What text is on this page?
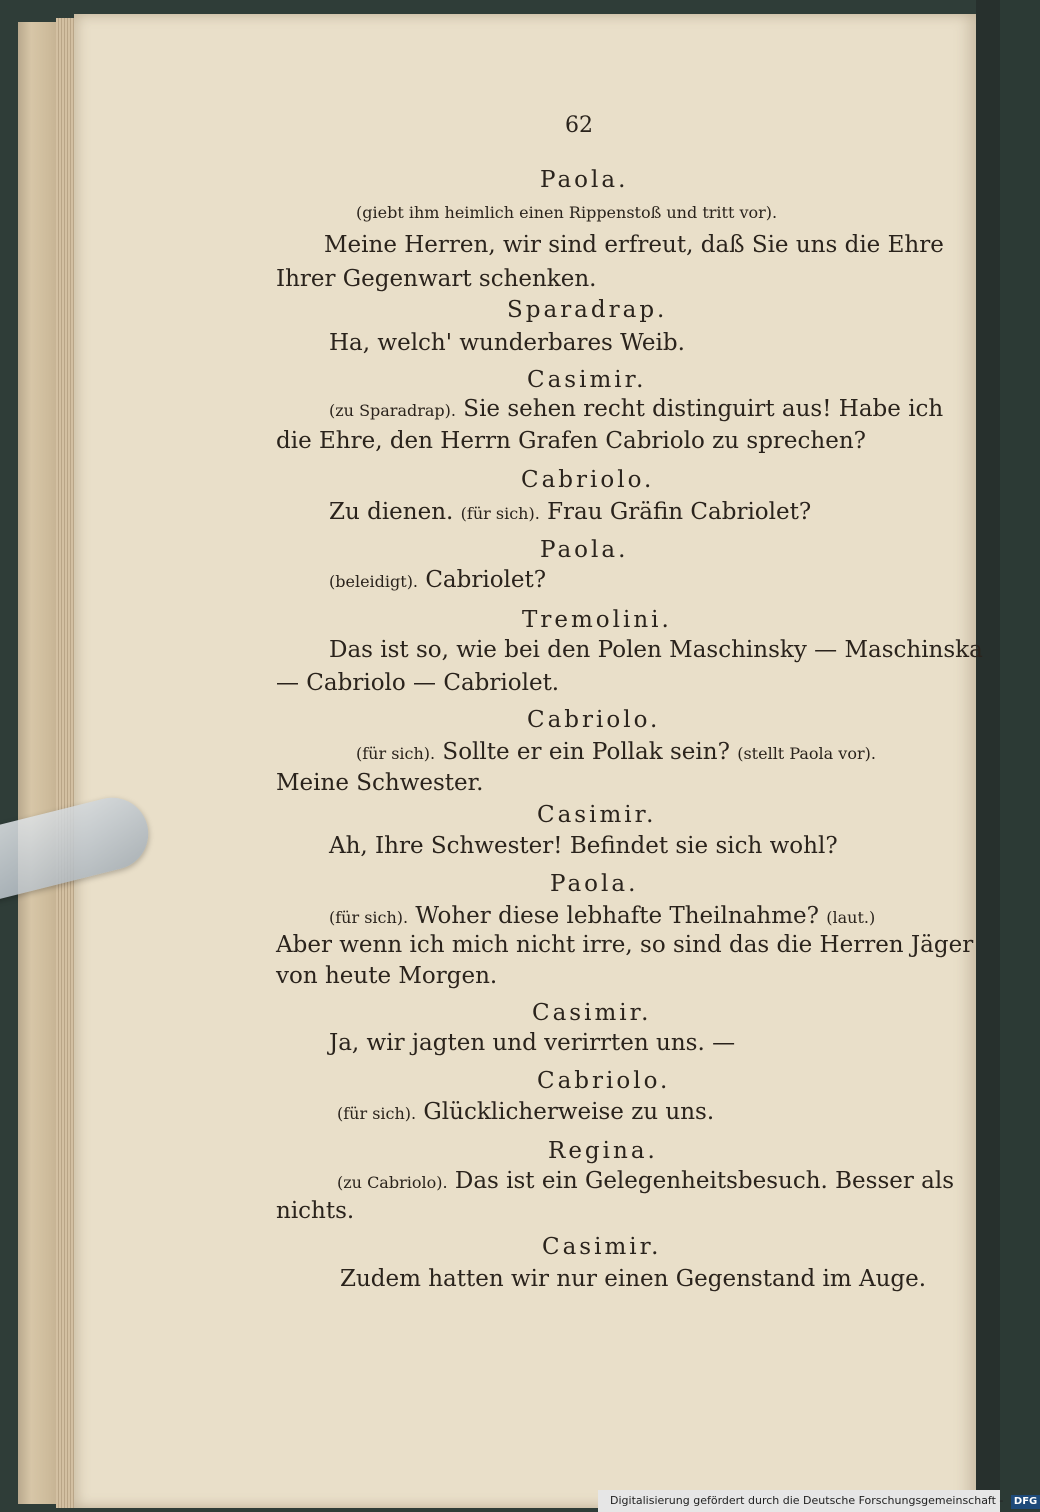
62
Paola.
(giebt ihm heimlich einen Rippenstoß und tritt vor).
Meine Herren, wir sind erfreut, daß Sie uns die Ehre
Ihrer Gegenwart schenken.
Sparadrap.
Ha, welch' wunderbares Weib.
Casimir.
(zu Sparadrap). Sie sehen recht distinguirt aus! Habe ich
die Ehre, den Herrn Grafen Cabriolo zu sprechen?
Cabriolo.
Zu dienen. (für sich). Frau Gräfin Cabriolet?
Paola.
(beleidigt). Cabriolet?
Tremolini.
Das ist so, wie bei den Polen Maschinsky — Maschinska
— Cabriolo — Cabriolet.
Cabriolo.
(für sich). Sollte er ein Pollak sein? (stellt Paola vor).
Meine Schwester.
Casimir.
Ah, Ihre Schwester! Befindet sie sich wohl?
Paola.
(für sich). Woher diese lebhafte Theilnahme? (laut.)
Aber wenn ich mich nicht irre, so sind das die Herren Jäger
von heute Morgen.
Casimir.
Ja, wir jagten und verirrten uns. —
Cabriolo.
(für sich). Glücklicherweise zu uns.
Regina.
(zu Cabriolo). Das ist ein Gelegenheitsbesuch. Besser als
nichts.
Casimir.
Zudem hatten wir nur einen Gegenstand im Auge.
Digitalisierung gefördert durch die Deutsche Forschungsgemeinschaft - DFG
